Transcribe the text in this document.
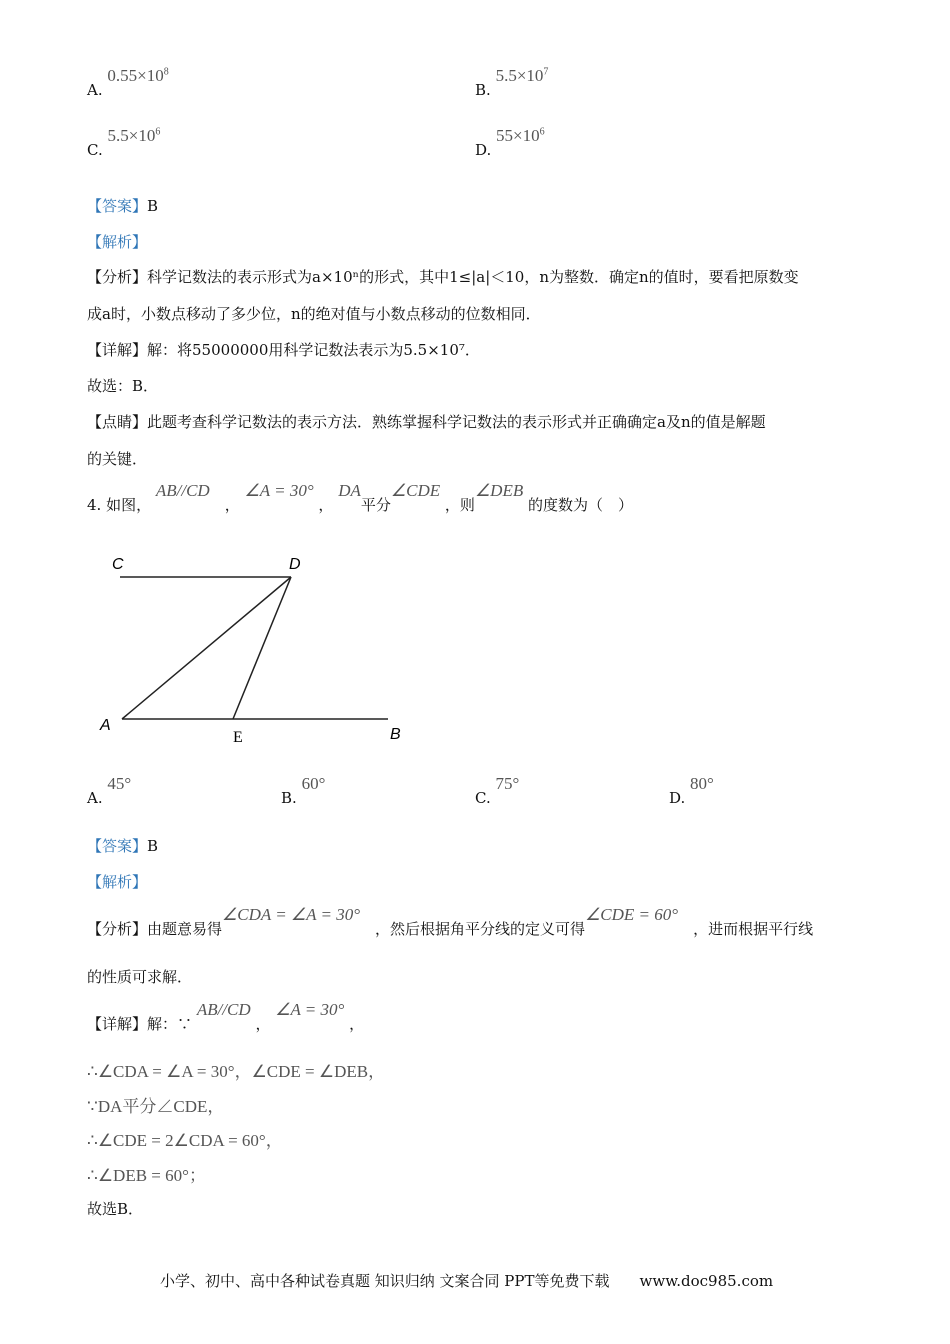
A. $0.55\times 10^8$
B. $5.5\times 10^7$
C. $5.5\times 10^6$
D. $55\times 10^6$
【答案】B
【解析】
【分析】科学记数法的表示形式为a×10ⁿ的形式，其中1≤|a|＜10，n为整数．确定n的值时，要看把原数变
成a时，小数点移动了多少位，n的绝对值与小数点移动的位数相同．
【详解】解：将55000000用科学记数法表示为5.5×10⁷．
故选：B．
【点睛】此题考查科学记数法的表示方法．熟练掌握科学记数法的表示形式并正确确定a及n的值是解题
的关键．
4. 如图， AB//CD　， ∠A = 30° ， DA平分∠CDE ，则∠DEB 的度数为（　）
C	D
A
E	B
A. 45°
B. 60°
C. 75°
D. 80°
【答案】B
【解析】
【分析】由题意易得∠CDA = ∠A = 30°　，然后根据角平分线的定义可得∠CDE = 60°　，进而根据平行线
的性质可求解．
【详解】解：∵ AB//CD ， ∠A = 30° ，
∴∠CDA = ∠A = 30°，∠CDE = ∠DEB，
∵DA平分∠CDE，
∴∠CDE = 2∠CDA = 60°，
∴∠DEB = 60°；
故选B．
小学、初中、高中各种试卷真题 知识归纳 文案合同 PPT等免费下载　　 www.doc985.com
